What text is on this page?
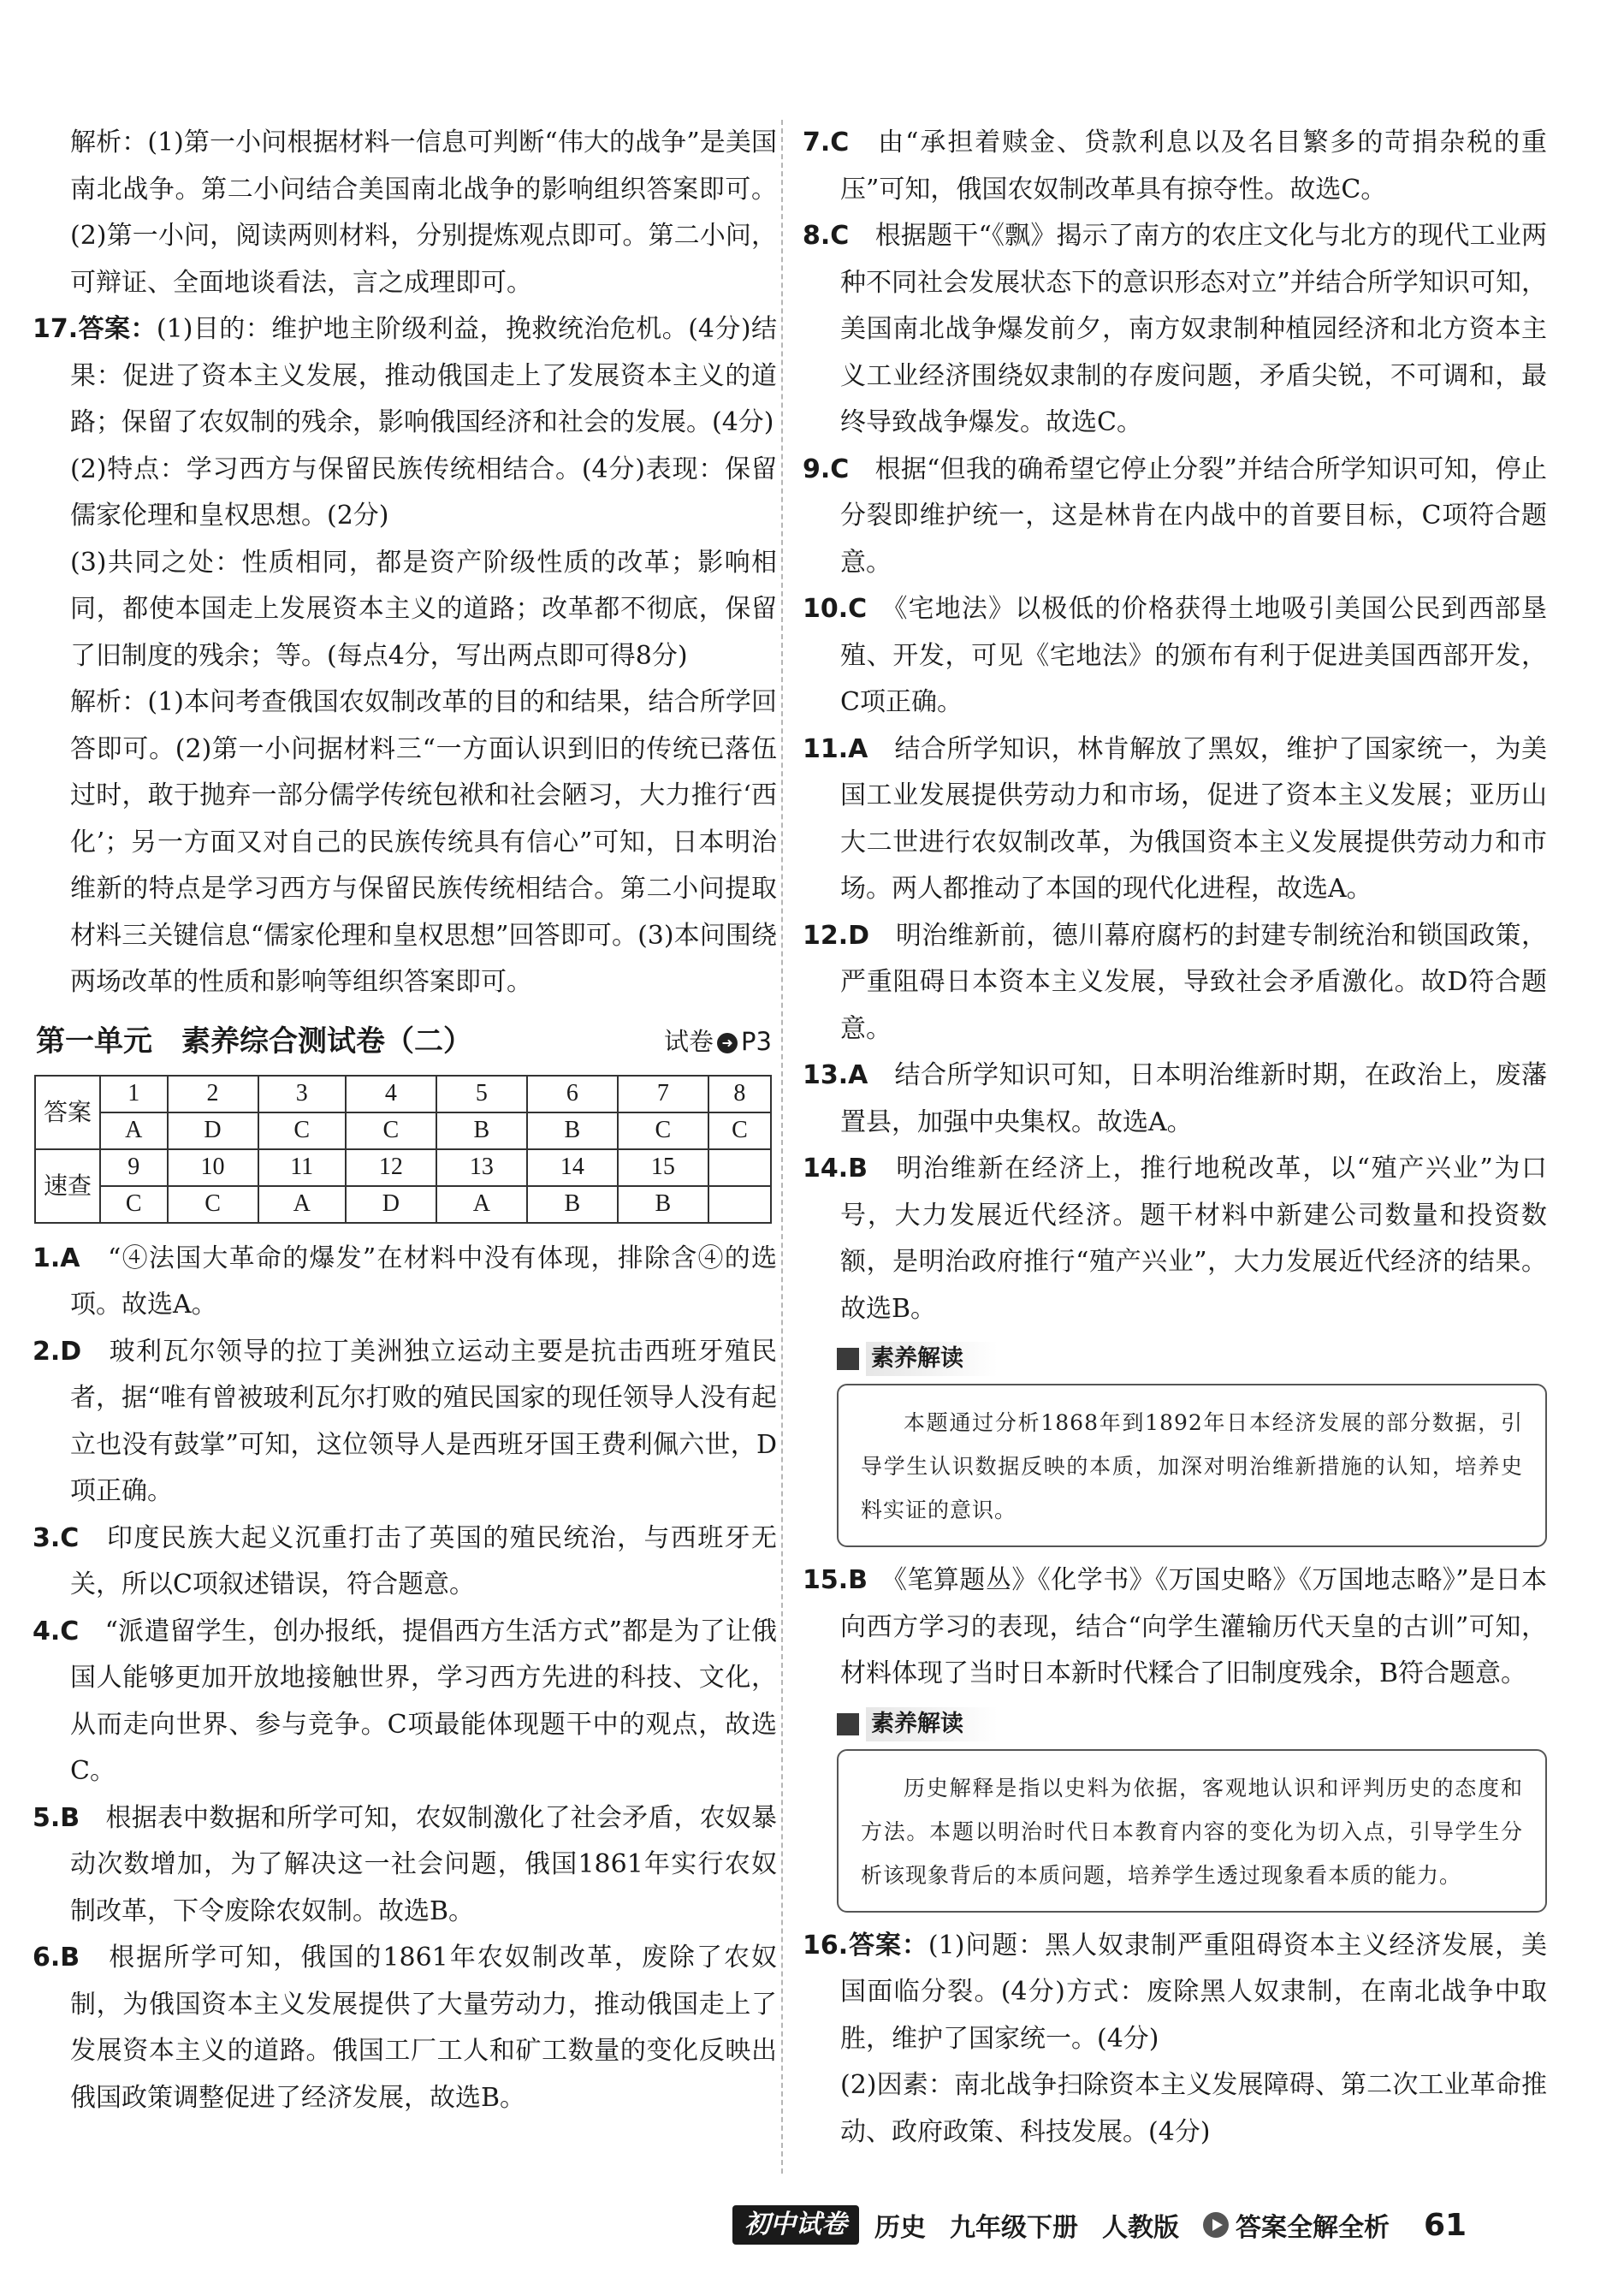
解析：(1)第一小问根据材料一信息可判断“伟大的战争”是美国南北战争。第二小问结合美国南北战争的影响组织答案即可。(2)第一小问，阅读两则材料，分别提炼观点即可。第二小问，可辩证、全面地谈看法，言之成理即可。

17.答案：(1)目的：维护地主阶级利益，挽救统治危机。(4分)结果：促进了资本主义发展，推动俄国走上了发展资本主义的道路；保留了农奴制的残余，影响俄国经济和社会的发展。(4分)

(2)特点：学习西方与保留民族传统相结合。(4分)表现：保留儒家伦理和皇权思想。(2分)

(3)共同之处：性质相同，都是资产阶级性质的改革；影响相同，都使本国走上发展资本主义的道路；改革都不彻底，保留了旧制度的残余；等。(每点4分，写出两点即可得8分)

解析：(1)本问考查俄国农奴制改革的目的和结果，结合所学回答即可。(2)第一小问据材料三“一方面认识到旧的传统已落伍过时，敢于抛弃一部分儒学传统包袱和社会陋习，大力推行‘西化’；另一方面又对自己的民族传统具有信心”可知，日本明治维新的特点是学习西方与保留民族传统相结合。第二小问提取材料三关键信息“儒家伦理和皇权思想”回答即可。(3)本问围绕两场改革的性质和影响等组织答案即可。

第一单元　素养综合测试卷（二）	试卷 ➜ P3
答案	1	2	3	4	5	6	7	8
	A	D	C	C	B	B	C	C
速查	9	10	11	12	13	14	15	
	C	C	A	D	A	B	B	
1.A　 “④法国大革命的爆发”在材料中没有体现，排除含④的选项。故选A。
2.D　 玻利瓦尔领导的拉丁美洲独立运动主要是抗击西班牙殖民者，据“唯有曾被玻利瓦尔打败的殖民国家的现任领导人没有起立也没有鼓掌”可知，这位领导人是西班牙国王费利佩六世，D项正确。
3.C　 印度民族大起义沉重打击了英国的殖民统治，与西班牙无关，所以C项叙述错误，符合题意。
4.C　 “派遣留学生，创办报纸，提倡西方生活方式”都是为了让俄国人能够更加开放地接触世界，学习西方先进的科技、文化，从而走向世界、参与竞争。C项最能体现题干中的观点，故选C。
5.B　 根据表中数据和所学可知，农奴制激化了社会矛盾，农奴暴动次数增加，为了解决这一社会问题，俄国1861年实行农奴制改革，下令废除农奴制。故选B。
6.B　 根据所学可知，俄国的1861年农奴制改革，废除了农奴制，为俄国资本主义发展提供了大量劳动力，推动俄国走上了发展资本主义的道路。俄国工厂工人和矿工数量的变化反映出俄国政策调整促进了经济发展，故选B。
7.C　 由“承担着赎金、贷款利息以及名目繁多的苛捐杂税的重压”可知，俄国农奴制改革具有掠夺性。故选C。
8.C　 根据题干“《飘》揭示了南方的农庄文化与北方的现代工业两种不同社会发展状态下的意识形态对立”并结合所学知识可知，美国南北战争爆发前夕，南方奴隶制种植园经济和北方资本主义工业经济围绕奴隶制的存废问题，矛盾尖锐，不可调和，最终导致战争爆发。故选C。
9.C　 根据“但我的确希望它停止分裂”并结合所学知识可知，停止分裂即维护统一，这是林肯在内战中的首要目标，C项符合题意。
10.C　 《宅地法》以极低的价格获得土地吸引美国公民到西部垦殖、开发，可见《宅地法》的颁布有利于促进美国西部开发，C项正确。
11.A　 结合所学知识，林肯解放了黑奴，维护了国家统一，为美国工业发展提供劳动力和市场，促进了资本主义发展；亚历山大二世进行农奴制改革，为俄国资本主义发展提供劳动力和市场。两人都推动了本国的现代化进程，故选A。
12.D　 明治维新前，德川幕府腐朽的封建专制统治和锁国政策，严重阻碍日本资本主义发展，导致社会矛盾激化。故D符合题意。
13.A　 结合所学知识可知，日本明治维新时期，在政治上，废藩置县，加强中央集权。故选A。
14.B　 明治维新在经济上，推行地税改革，以“殖产兴业”为口号，大力发展近代经济。题干材料中新建公司数量和投资数额，是明治政府推行“殖产兴业”，大力发展近代经济的结果。故选B。
素养解读
本题通过分析1868年到1892年日本经济发展的部分数据，引导学生认识数据反映的本质，加深对明治维新措施的认知，培养史料实证的意识。
15.B　 《笔算题丛》《化学书》《万国史略》《万国地志略》”是日本向西方学习的表现，结合“向学生灌输历代天皇的古训”可知，材料体现了当时日本新时代糅合了旧制度残余，B符合题意。
素养解读
历史解释是指以史料为依据，客观地认识和评判历史的态度和方法。本题以明治时代日本教育内容的变化为切入点，引导学生分析该现象背后的本质问题，培养学生透过现象看本质的能力。
16.答案：(1)问题：黑人奴隶制严重阻碍资本主义经济发展，美国面临分裂。(4分)方式：废除黑人奴隶制，在南北战争中取胜，维护了国家统一。(4分)

(2)因素：南北战争扫除资本主义发展障碍、第二次工业革命推动、政府政策、科技发展。(4分)

初中试卷	历史 九年级下册 人教版 答案全解全析 61
